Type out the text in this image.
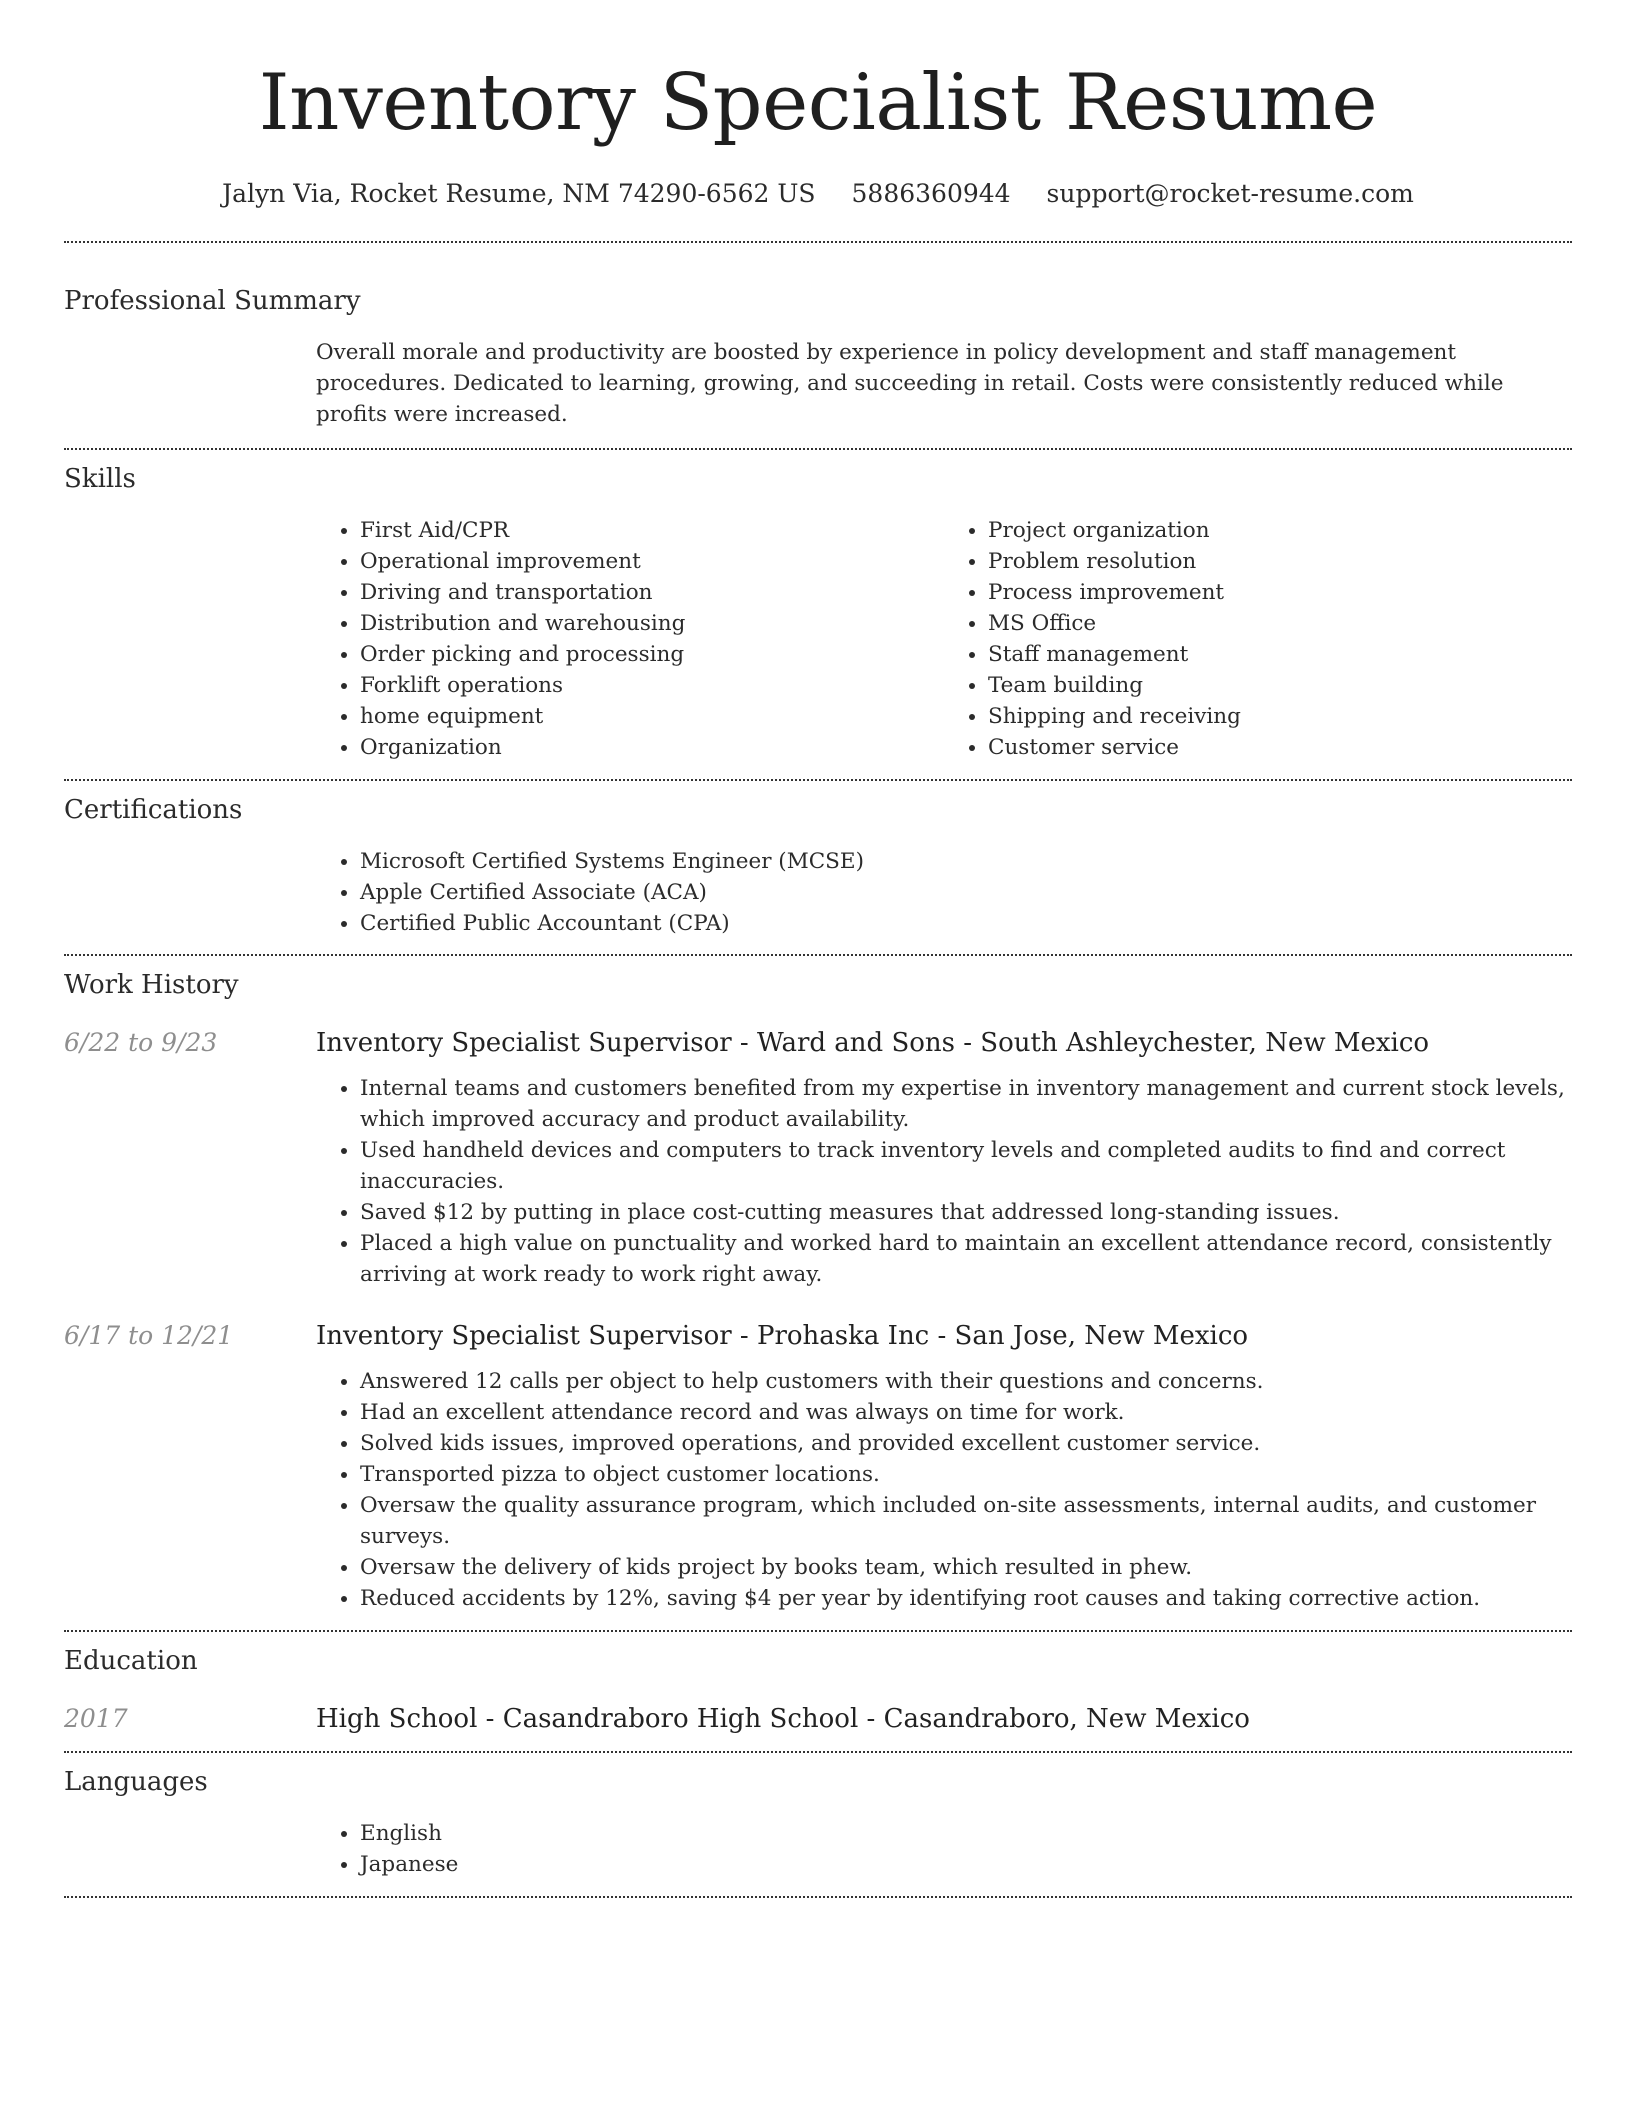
Inventory Specialist Resume
Jalyn Via, Rocket Resume, NM 74290-6562 US 5886360944 support@rocket-resume.com
Professional Summary

Overall morale and productivity are boosted by experience in policy development and staff management procedures. Dedicated to learning, growing, and succeeding in retail. Costs were consistently reduced while profits were increased.

Skills
• First Aid/CPR
• Operational improvement
• Driving and transportation
• Distribution and warehousing
• Order picking and processing
• Forklift operations
• home equipment
• Organization
• Project organization
• Problem resolution
• Process improvement
• MS Office
• Staff management
• Team building
• Shipping and receiving
• Customer service
Certifications
• Microsoft Certified Systems Engineer (MCSE)
• Apple Certified Associate (ACA)
• Certified Public Accountant (CPA)
Work History
6/22 to 9/23	Inventory Specialist Supervisor - Ward and Sons - South Ashleychester, New Mexico
• Internal teams and customers benefited from my expertise in inventory management and current stock levels, which improved accuracy and product availability.
• Used handheld devices and computers to track inventory levels and completed audits to find and correct inaccuracies.
• Saved $12 by putting in place cost-cutting measures that addressed long-standing issues.
• Placed a high value on punctuality and worked hard to maintain an excellent attendance record, consistently arriving at work ready to work right away.
6/17 to 12/21	Inventory Specialist Supervisor - Prohaska Inc - San Jose, New Mexico
• Answered 12 calls per object to help customers with their questions and concerns.
• Had an excellent attendance record and was always on time for work.
• Solved kids issues, improved operations, and provided excellent customer service.
• Transported pizza to object customer locations.
• Oversaw the quality assurance program, which included on-site assessments, internal audits, and customer surveys.
• Oversaw the delivery of kids project by books team, which resulted in phew.
• Reduced accidents by 12%, saving $4 per year by identifying root causes and taking corrective action.
Education
2017	High School - Casandraboro High School - Casandraboro, New Mexico
Languages
• English
• Japanese
